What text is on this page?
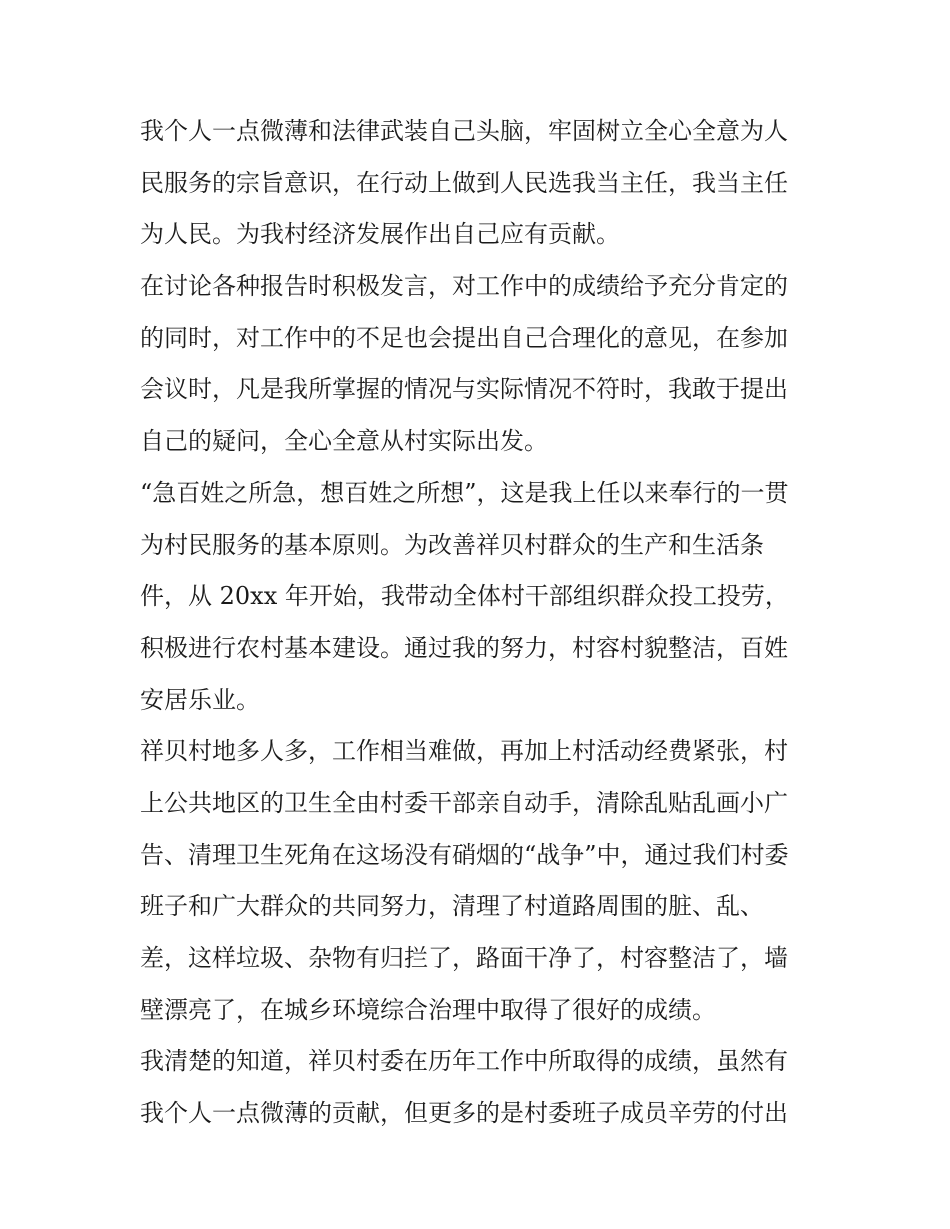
我个人一点微薄和法律武装自己头脑，牢固树立全心全意为人
民服务的宗旨意识，在行动上做到人民选我当主任，我当主任
为人民。为我村经济发展作出自己应有贡献。
在讨论各种报告时积极发言，对工作中的成绩给予充分肯定的
的同时，对工作中的不足也会提出自己合理化的意见，在参加
会议时，凡是我所掌握的情况与实际情况不符时，我敢于提出
自己的疑问，全心全意从村实际出发。
“急百姓之所急，想百姓之所想”，这是我上任以来奉行的一贯
为村民服务的基本原则。为改善祥贝村群众的生产和生活条
件，从 20xx 年开始，我带动全体村干部组织群众投工投劳，
积极进行农村基本建设。通过我的努力，村容村貌整洁，百姓
安居乐业。
祥贝村地多人多，工作相当难做，再加上村活动经费紧张，村
上公共地区的卫生全由村委干部亲自动手，清除乱贴乱画小广
告、清理卫生死角在这场没有硝烟的“战争”中，通过我们村委
班子和广大群众的共同努力，清理了村道路周围的脏、乱、
差，这样垃圾、杂物有归拦了，路面干净了，村容整洁了，墙
壁漂亮了，在城乡环境综合治理中取得了很好的成绩。
我清楚的知道，祥贝村委在历年工作中所取得的成绩，虽然有
我个人一点微薄的贡献，但更多的是村委班子成员辛劳的付出
